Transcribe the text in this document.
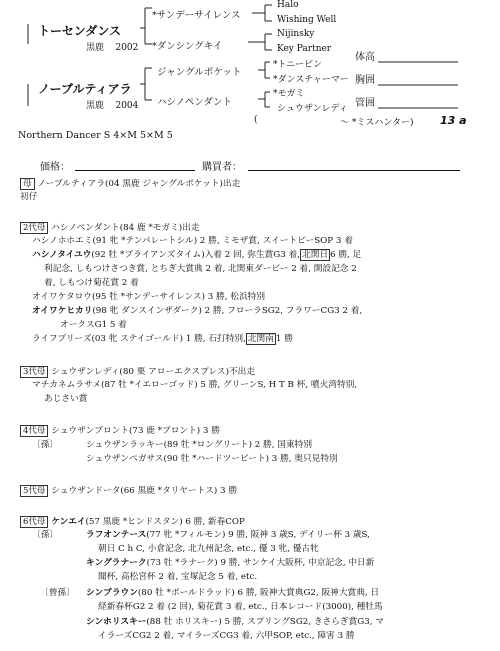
トーセンダンス
黒鹿 2002
ノーブルティアラ
黒鹿 2004
*サンデーサイレンス
*ダンシングキイ
ジャングルポケット
ハシノペンダント
Halo
Wishing Well
Nijinsky
Key Partner
*トニービン
*ダンスチャーマー
*モガミ
シュウザンレディ
体高
胸囲
管囲
(	～ *ミスハンター) 13 a
Northern Dancer S 4×M 5×M 5
価格：	購買者：
母 ノーブルティアラ(04 黒鹿 ジャングルポケット)出走
初仔
2代母 ハシノペンダント(84 鹿 *モガミ)出走
ハシノホホエミ(91 牝 *テンパレートシル) 2 勝, ミモザ賞, スイートピーSOP 3 着
ハシノタイユウ(92 牡 *ブライアンズタイム)入着 2 回, 弥生賞G3 着, 北関日 6 勝, 足
利記念, しもつけさつき賞, とちぎ大賞典 2 着, 北関東ダービー 2 着, 開設記念 2
着, しもつけ菊花賞 2 着
オイワケタロウ(95 牡 *サンデーサイレンス) 3 勝, 松浜特別
オイワケヒカリ(98 牝 ダンスインザダーク) 2 勝, フローラSG2, フラワーCG3 2 着,
オークスG1 5 着
ライフブリーズ(03 牝 ステイゴールド) 1 勝, 石打特別, 北関南 1 勝
3代母 シュウザンレディ(80 栗 アローエクスプレス)不出走
マチカネムラサメ(87 牡 *イエローゴッド) 5 勝, グリーンS, H T B 杯, 噴火湾特別,
あじさい賞
4代母 シュウザンブロント(73 鹿 *ブロント) 3 勝
〔孫〕	シュウザンラッキー(89 牡 *ロングリート) 2 勝, 国東特別
シュウザンペガサス(90 牡 *ハードツービート) 3 勝, 奥只見特別
5代母 シュウザンドータ(66 黒鹿 *タリヤートス) 3 勝
6代母 ケンエイ(57 黒鹿 *ヒンドスタン) 6 勝, 新春COP
〔孫〕	ラフオンテース(77 牝 *フィルモン) 9 勝, 阪神 3 歳S, デイリー杯 3 歳S,
朝日 C h C, 小倉記念, 北九州記念, etc., 優 3 牝, 優古牝
キングラナーク(73 牡 *ラナーク) 9 勝, サンケイ大阪杯, 中京記念, 中日新
聞杯, 高松宮杯 2 着, 宝塚記念 5 着, etc.
〔曾孫〕 シンブラウン(80 牡 *ボールドラッド) 6 勝, 阪神大賞典G2, 阪神大賞典, 日
経新春杯G2 2 着 (2 回), 菊花賞 3 着, etc., 日本レコード(3000), 種牡馬
シンホリスキー(88 牡 ホリスキー) 5 勝, スプリングSG2, きさらぎ賞G3, マ
イラーズCG2 2 着, マイラーズCG3 着, 六甲SOP, etc., 障害 3 勝
